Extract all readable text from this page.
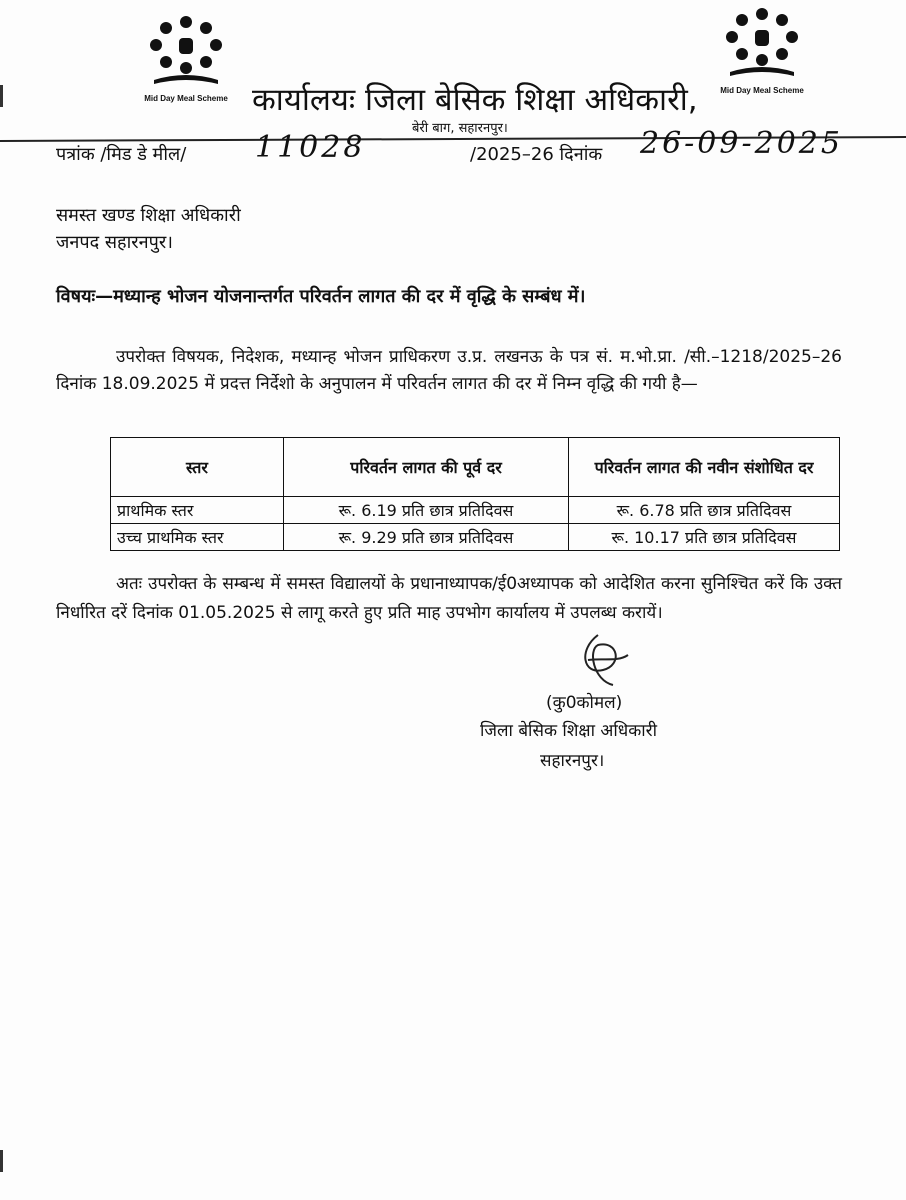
Mid Day Meal Scheme
Mid Day Meal Scheme
कार्यालयः जिला बेसिक शिक्षा अधिकारी,
बेरी बाग, सहारनपुर।
पत्रांक /मिड डे मील/ 11028	/2025–26 दिनांक 26-09-2025
समस्त खण्ड शिक्षा अधिकारी
जनपद सहारनपुर।
विषयः—मध्यान्ह भोजन योजनान्तर्गत परिवर्तन लागत की दर में वृद्धि के सम्बंध में।
उपरोक्त विषयक, निदेशक, मध्यान्ह भोजन प्राधिकरण उ.प्र. लखनऊ के पत्र सं. म.भो.प्रा. /सी.–1218/2025–26 दिनांक 18.09.2025 में प्रदत्त निर्देशो के अनुपालन में परिवर्तन लागत की दर में निम्न वृद्धि की गयी है—
स्तर	परिवर्तन लागत की पूर्व दर	परिवर्तन लागत की नवीन संशोधित दर
प्राथमिक स्तर	रू. 6.19 प्रति छात्र प्रतिदिवस	रू. 6.78 प्रति छात्र प्रतिदिवस
उच्च प्राथमिक स्तर	रू. 9.29 प्रति छात्र प्रतिदिवस	रू. 10.17 प्रति छात्र प्रतिदिवस
अतः उपरोक्त के सम्बन्ध में समस्त विद्यालयों के प्रधानाध्यापक/ई0अध्यापक को आदेशित करना सुनिश्चित करें कि उक्त निर्धारित दरें दिनांक 01.05.2025 से लागू करते हुए प्रति माह उपभोग कार्यालय में उपलब्ध करायें।
(कु0कोमल)
जिला बेसिक शिक्षा अधिकारी
सहारनपुर।
